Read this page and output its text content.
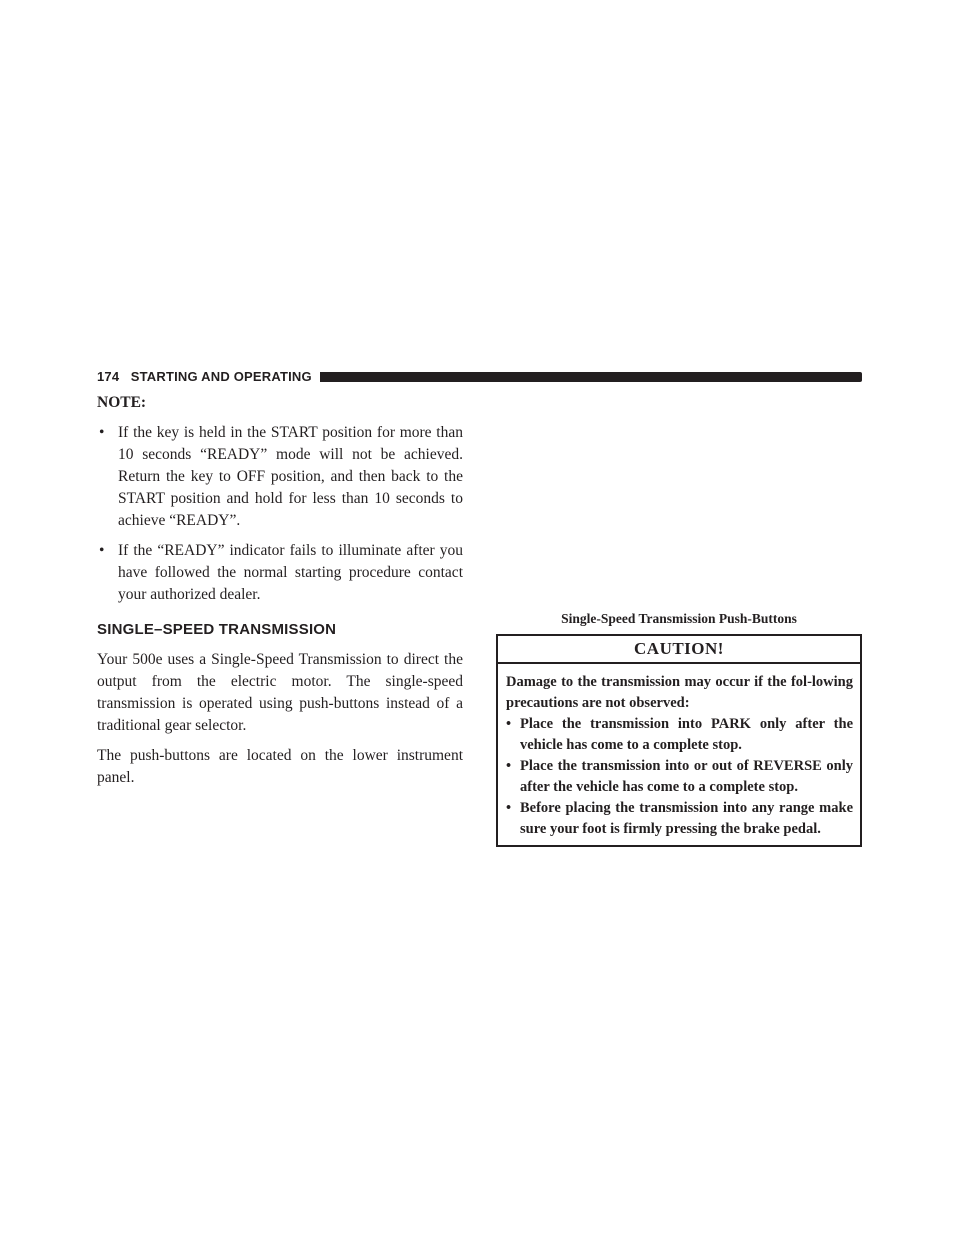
174 STARTING AND OPERATING

NOTE:

• If the key is held in the START position for more than 10 seconds “READY” mode will not be achieved. Return the key to OFF position, and then back to the START position and hold for less than 10 seconds to achieve “READY”.
• If the “READY” indicator fails to illuminate after you have followed the normal starting procedure contact your authorized dealer.
SINGLE–SPEED TRANSMISSION

Your 500e uses a Single-Speed Transmission to direct the output from the electric motor. The single-speed transmission is operated using push-buttons instead of a traditional gear selector.

The push-buttons are located on the lower instrument panel.

Single-Speed Transmission Push-Buttons
CAUTION!

Damage to the transmission may occur if the fol-lowing precautions are not observed:

• Place the transmission into PARK only after the vehicle has come to a complete stop.
• Place the transmission into or out of REVERSE only after the vehicle has come to a complete stop.
• Before placing the transmission into any range make sure your foot is firmly pressing the brake pedal.
